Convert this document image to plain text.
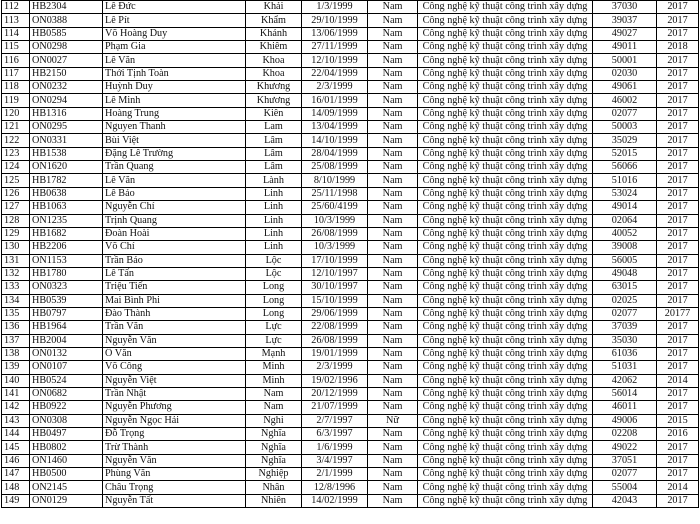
112	HB2304	Lê Đức	Khải	1/3/1999	Nam	Công nghệ kỹ thuật công trình xây dựng	37030	2017
113	ON0388	Lê Pít	Khẩm	29/10/1999	Nam	Công nghệ kỹ thuật công trình xây dựng	39037	2017
114	HB0585	Võ Hoàng Duy	Khánh	13/06/1999	Nam	Công nghệ kỹ thuật công trình xây dựng	49027	2017
115	ON0298	Phạm Gia	Khiêm	27/11/1999	Nam	Công nghệ kỹ thuật công trình xây dựng	49011	2018
116	ON0027	Lê Văn	Khoa	12/10/1999	Nam	Công nghệ kỹ thuật công trình xây dựng	50001	2017
117	HB2150	Thới Tịnh Toàn	Khoa	22/04/1999	Nam	Công nghệ kỹ thuật công trình xây dựng	02030	2017
118	ON0232	Huỳnh Duy	Khương	2/3/1999	Nam	Công nghệ kỹ thuật công trình xây dựng	49061	2017
119	ON0294	Lê Minh	Khương	16/01/1999	Nam	Công nghệ kỹ thuật công trình xây dựng	46002	2017
120	HB1316	Hoàng Trung	Kiên	14/09/1999	Nam	Công nghệ kỹ thuật công trình xây dựng	02077	2017
121	ON0295	Nguyen Thanh	Lam	13/04/1999	Nam	Công nghệ kỹ thuật công trình xây dựng	50003	2017
122	ON0331	Bùi Việt	Lâm	14/10/1999	Nam	Công nghệ kỹ thuật công trình xây dựng	35029	2017
123	HB1538	Đặng Lê Trường	Lâm	28/04/1999	Nam	Công nghệ kỹ thuật công trình xây dựng	52015	2017
124	ON1620	Trần Quang	Lâm	25/08/1999	Nam	Công nghệ kỹ thuật công trình xây dựng	56066	2017
125	HB1782	Lê Văn	Lành	8/10/1999	Nam	Công nghệ kỹ thuật công trình xây dựng	51016	2017
126	HB0638	Lê Bảo	Linh	25/11/1998	Nam	Công nghệ kỹ thuật công trình xây dựng	53024	2017
127	HB1063	Nguyễn Chí	Linh	25/60/4199	Nam	Công nghệ kỹ thuật công trình xây dựng	49014	2017
128	ON1235	Trịnh Quang	Linh	10/3/1999	Nam	Công nghệ kỹ thuật công trình xây dựng	02064	2017
129	HB1682	Đoàn Hoài	Linh	26/08/1999	Nam	Công nghệ kỹ thuật công trình xây dựng	40052	2017
130	HB2206	Võ Chí	Linh	10/3/1999	Nam	Công nghệ kỹ thuật công trình xây dựng	39008	2017
131	ON1153	Trần Bảo	Lộc	17/10/1999	Nam	Công nghệ kỹ thuật công trình xây dựng	56005	2017
132	HB1780	Lê Tấn	Lộc	12/10/1997	Nam	Công nghệ kỹ thuật công trình xây dựng	49048	2017
133	ON0323	Triệu Tiến	Long	30/10/1997	Nam	Công nghệ kỹ thuật công trình xây dựng	63015	2017
134	HB0539	Mai Bình Phi	Long	15/10/1999	Nam	Công nghệ kỹ thuật công trình xây dựng	02025	2017
135	HB0797	Đào Thành	Long	29/06/1999	Nam	Công nghệ kỹ thuật công trình xây dựng	02077	20177
136	HB1964	Trần Văn	Lực	22/08/1999	Nam	Công nghệ kỹ thuật công trình xây dựng	37039	2017
137	HB2004	Nguyễn Văn	Lực	26/08/1999	Nam	Công nghệ kỹ thuật công trình xây dựng	35030	2017
138	ON0132	Ô Văn	Mạnh	19/01/1999	Nam	Công nghệ kỹ thuật công trình xây dựng	61036	2017
139	ON0107	Võ Công	Minh	2/3/1999	Nam	Công nghệ kỹ thuật công trình xây dựng	51031	2017
140	HB0524	Nguyễn Việt	Minh	19/02/1996	Nam	Công nghệ kỹ thuật công trình xây dựng	42062	2014
141	ON0682	Trần Nhật	Nam	20/12/1999	Nam	Công nghệ kỹ thuật công trình xây dựng	56014	2017
142	HB0922	Nguyễn Phương	Nam	21/07/1999	Nam	Công nghệ kỹ thuật công trình xây dựng	46011	2017
143	ON0308	Nguyễn Ngọc Hải	Nghi	2/7/1997	Nữ	Công nghệ kỹ thuật công trình xây dựng	49006	2015
144	HB0497	Đỗ Trọng	Nghĩa	6/3/1997	Nam	Công nghệ kỹ thuật công trình xây dựng	02208	2016
145	HB0802	Trừ Thành	Nghĩa	1/6/1999	Nam	Công nghệ kỹ thuật công trình xây dựng	49022	2017
146	ON1460	Nguyễn Văn	Nghĩa	3/4/1997	Nam	Công nghệ kỹ thuật công trình xây dựng	37051	2017
147	HB0500	Phùng Văn	Nghiệp	2/1/1999	Nam	Công nghệ kỹ thuật công trình xây dựng	02077	2017
148	ON2145	Châu Trọng	Nhân	12/8/1996	Nam	Công nghệ kỹ thuật công trình xây dựng	55004	2014
149	ON0129	Nguyễn Tất	Nhiên	14/02/1999	Nam	Công nghệ kỹ thuật công trình xây dựng	42043	2017
